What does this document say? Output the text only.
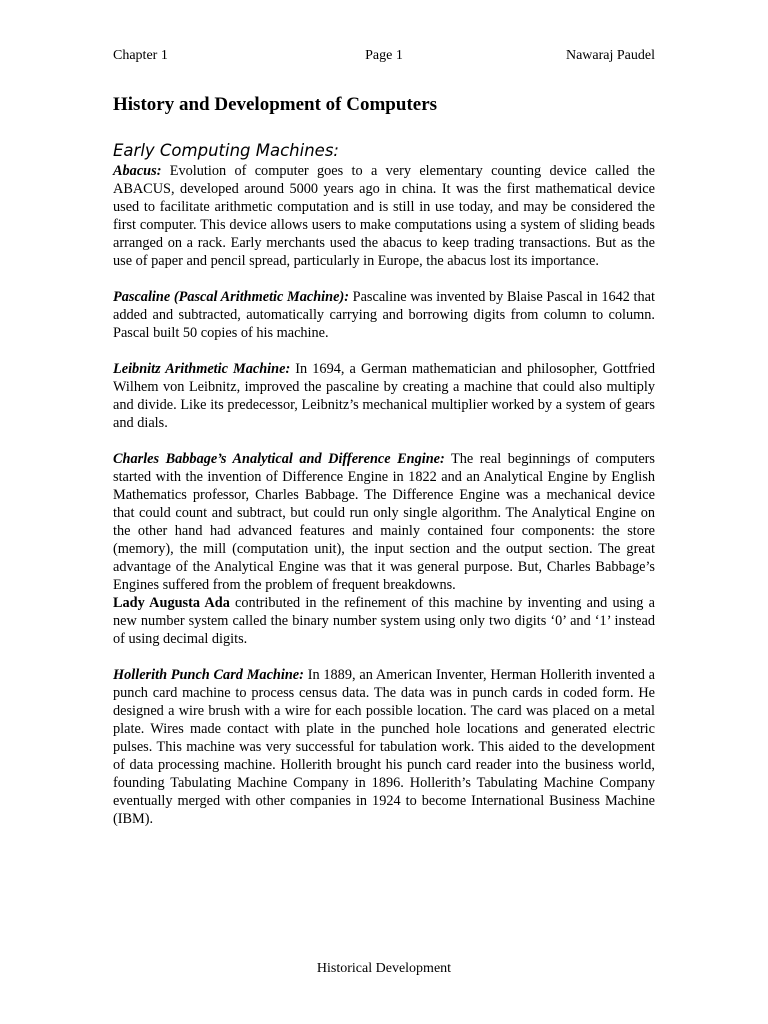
Chapter 1	Page 1	Nawaraj Paudel
History and Development of Computers
Early Computing Machines:

Abacus: Evolution of computer goes to a very elementary counting device called the ABACUS, developed around 5000 years ago in china. It was the first mathematical device used to facilitate arithmetic computation and is still in use today, and may be considered the first computer. This device allows users to make computations using a system of sliding beads arranged on a rack. Early merchants used the abacus to keep trading transactions. But as the use of paper and pencil spread, particularly in Europe, the abacus lost its importance.

Pascaline (Pascal Arithmetic Machine): Pascaline was invented by Blaise Pascal in 1642 that added and subtracted, automatically carrying and borrowing digits from column to column. Pascal built 50 copies of his machine.

Leibnitz Arithmetic Machine: In 1694, a German mathematician and philosopher, Gottfried Wilhem von Leibnitz, improved the pascaline by creating a machine that could also multiply and divide. Like its predecessor, Leibnitz’s mechanical multiplier worked by a system of gears and dials.

Charles Babbage’s Analytical and Difference Engine: The real beginnings of computers started with the invention of Difference Engine in 1822 and an Analytical Engine by English Mathematics professor, Charles Babbage. The Difference Engine was a mechanical device that could count and subtract, but could run only single algorithm. The Analytical Engine on the other hand had advanced features and mainly contained four components: the store (memory), the mill (computation unit), the input section and the output section. The great advantage of the Analytical Engine was that it was general purpose. But, Charles Babbage’s Engines suffered from the problem of frequent breakdowns.

Lady Augusta Ada contributed in the refinement of this machine by inventing and using a new number system called the binary number system using only two digits ‘0’ and ‘1’ instead of using decimal digits.

Hollerith Punch Card Machine: In 1889, an American Inventer, Herman Hollerith invented a punch card machine to process census data. The data was in punch cards in coded form. He designed a wire brush with a wire for each possible location. The card was placed on a metal plate. Wires made contact with plate in the punched hole locations and generated electric pulses. This machine was very successful for tabulation work. This aided to the development of data processing machine. Hollerith brought his punch card reader into the business world, founding Tabulating Machine Company in 1896. Hollerith’s Tabulating Machine Company eventually merged with other companies in 1924 to become International Business Machine (IBM).

Historical Development
